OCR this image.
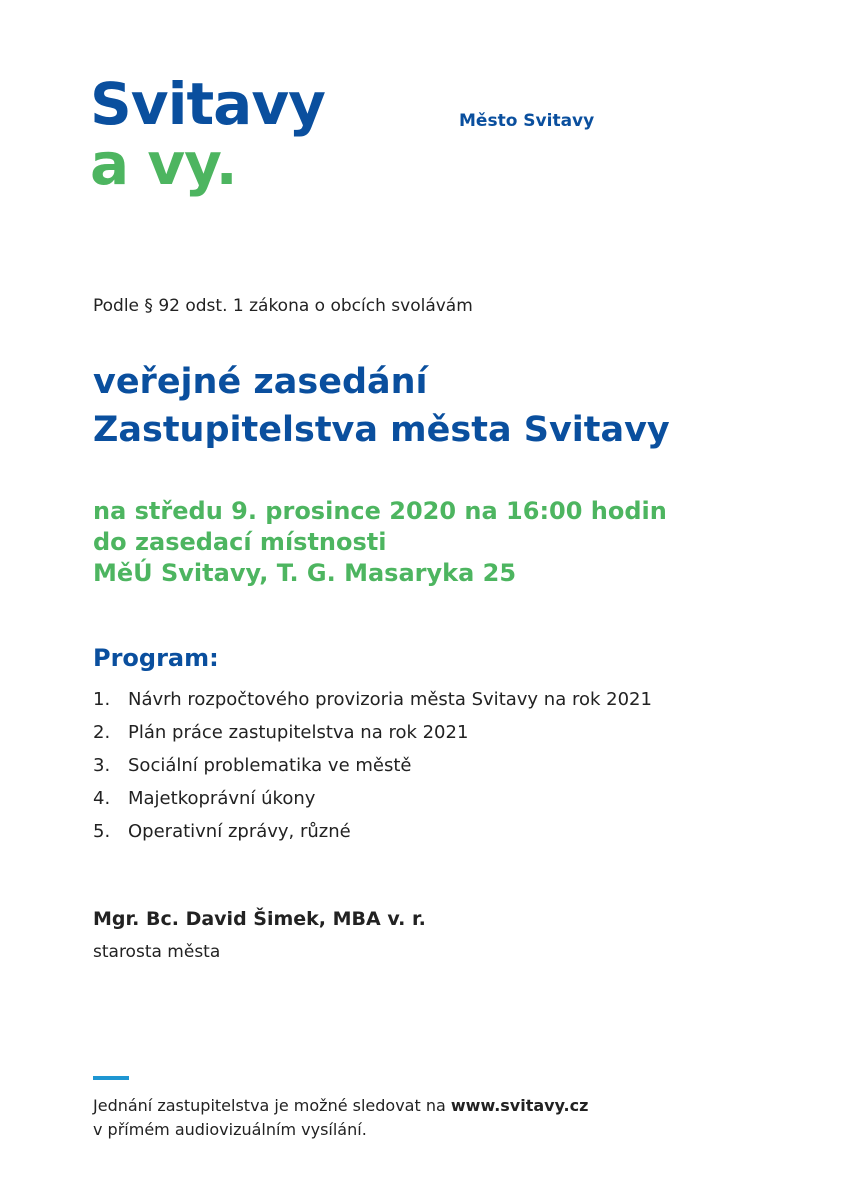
Svitavy
a vy.
Město Svitavy
Podle § 92 odst. 1 zákona o obcích svolávám
veřejné zasedání
Zastupitelstva města Svitavy
na středu 9. prosince 2020 na 16:00 hodin
do zasedací místnosti
MěÚ Svitavy, T. G. Masaryka 25
Program:
1. Návrh rozpočtového provizoria města Svitavy na rok 2021
2. Plán práce zastupitelstva na rok 2021
3. Sociální problematika ve městě
4. Majetkoprávní úkony
5. Operativní zprávy, různé
Mgr. Bc. David Šimek, MBA v. r.
starosta města
Jednání zastupitelstva je možné sledovat na www.svitavy.cz
v přímém audiovizuálním vysílání.
